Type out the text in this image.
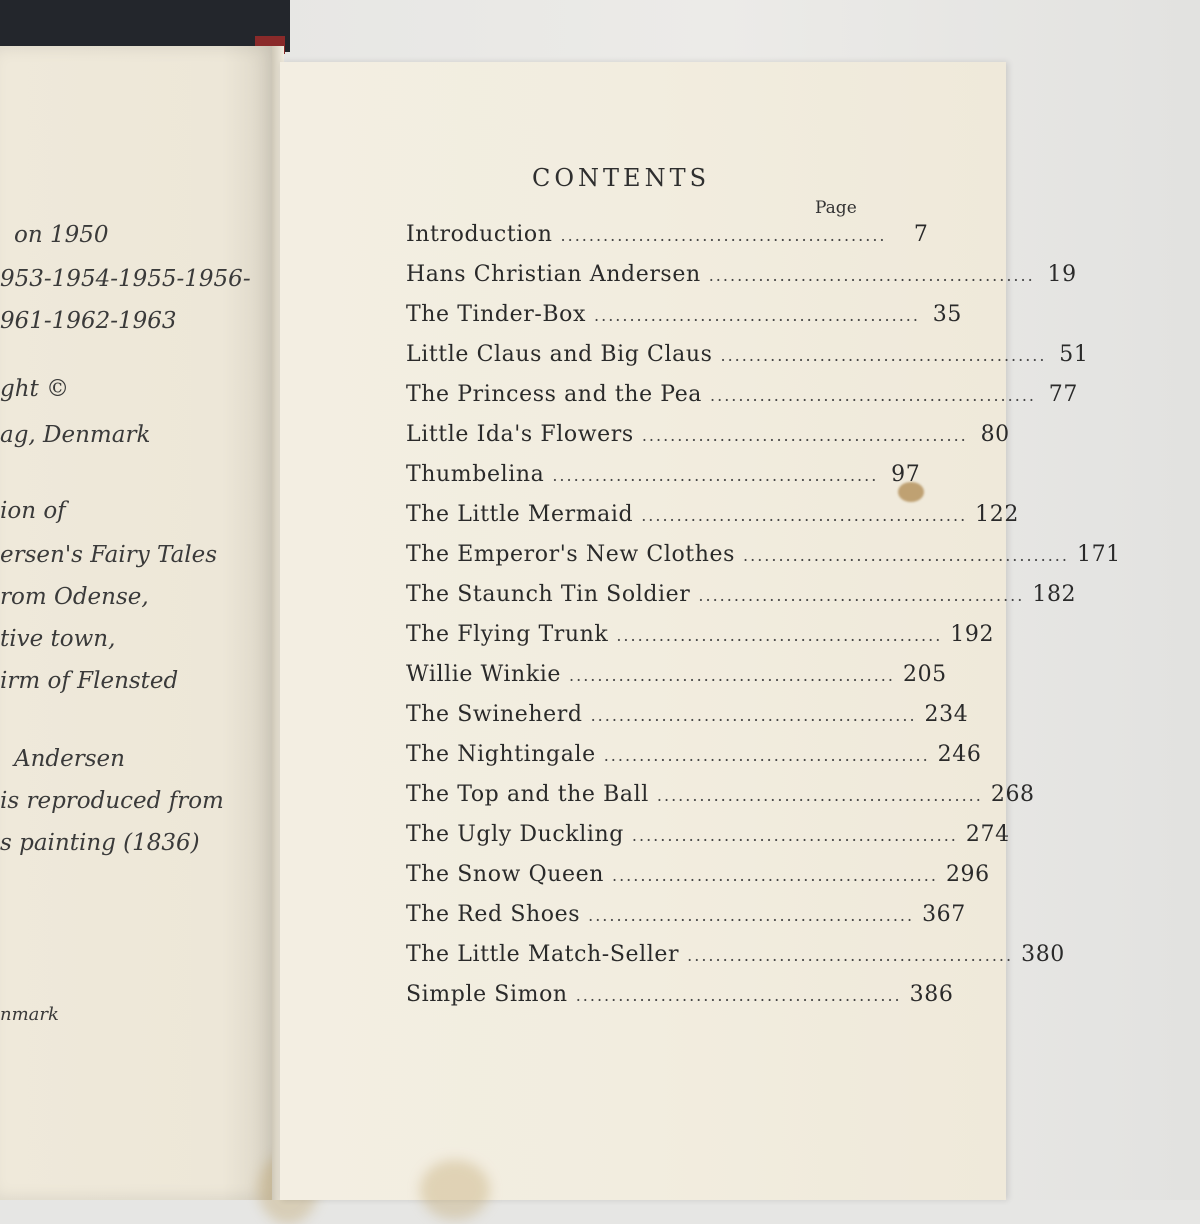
on 1950
953-1954-1955-1956-
961-1962-1963
ght ©
ag, Denmark
ion of
ersen's Fairy Tales
rom Odense,
tive town,
irm of Flensted
Andersen
is reproduced from
s painting (1836)
nmark
CONTENTS
Page
Introduction ..............................................	7
Hans Christian Andersen .............................................. 19
The Tinder-Box .............................................. 35
Little Claus and Big Claus .............................................. 51
The Princess and the Pea .............................................. 77
Little Ida's Flowers .............................................. 80
Thumbelina .............................................. 97
The Little Mermaid .............................................. 122
The Emperor's New Clothes .............................................. 171
The Staunch Tin Soldier .............................................. 182
The Flying Trunk .............................................. 192
Willie Winkie .............................................. 205
The Swineherd .............................................. 234
The Nightingale .............................................. 246
The Top and the Ball .............................................. 268
The Ugly Duckling .............................................. 274
The Snow Queen .............................................. 296
The Red Shoes .............................................. 367
The Little Match-Seller .............................................. 380
Simple Simon .............................................. 386
